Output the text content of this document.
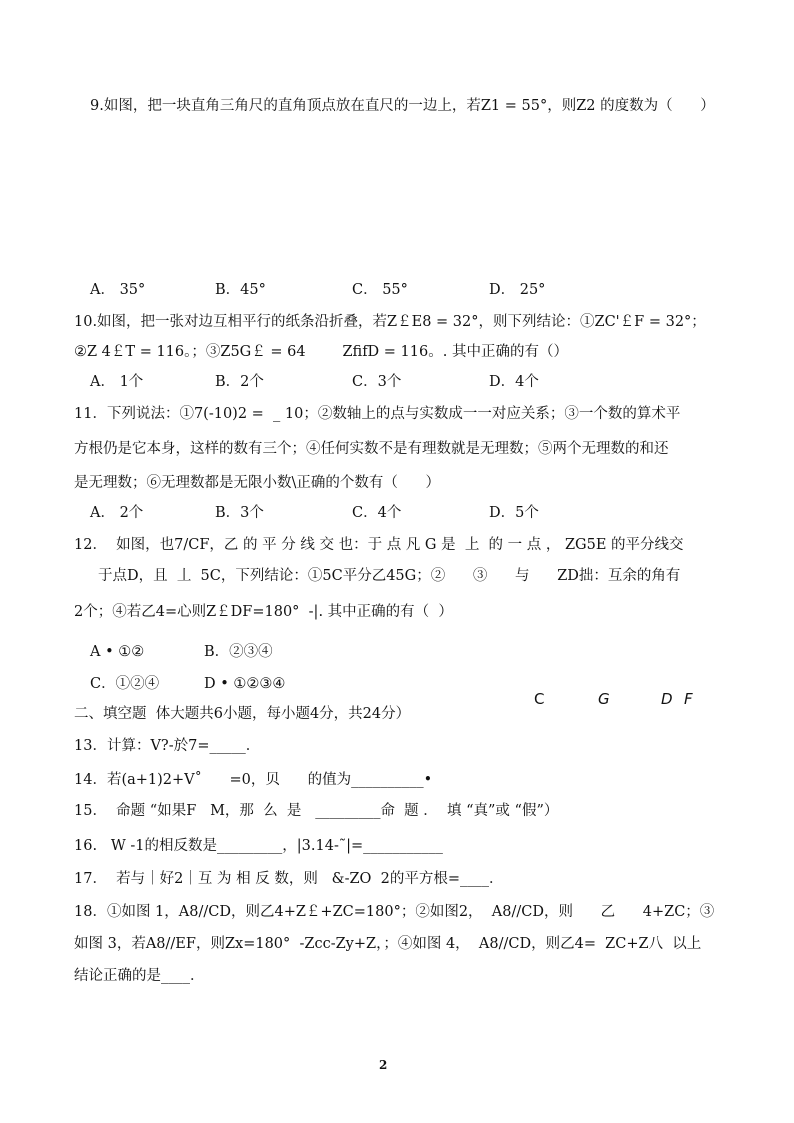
9.如图，把一块直角三角尺的直角顶点放在直尺的一边上，若Z1 = 55°，则Z2 的度数为（      ）
A． 35°	B．45°	C． 55°	D． 25°
10.如图，把一张对边互相平行的纸条沿折叠，若Z￡E8 = 32°，则下列结论：①ZC'￡F = 32°；
②Z 4￡T = 116。；③Z5G￡ = 64        ZfifD = 116。. 其中正确的有（）
A． 1个	B．2个	C．3个	D．4个
11．下列说法：①7(-10)2 =  _ 10；②数轴上的点与实数成一一对应关系；③一个数的算术平
方根仍是它本身，这样的数有三个；④任何实数不是有理数就是无理数；⑤两个无理数的和还
是无理数；⑥无理数都是无限小数\正确的个数有（      ）
A． 2个	B．3个	C．4个	D．5个
12．  如图，也7/CF，乙 的 平 分 线 交 也：于 点 凡 G 是  上  的 一 点 ， ZG5E 的平分线交
于点D，且  丄  5C，下列结论：①5C平分乙45G；②      ③      与      ZD拙：互余的角有
2个；④若乙4=心则Z￡DF=180°  -|. 其中正确的有（  ）
A • ①②	B．②③④
C．①②④	D • ①②③④
C	G	D F
二、填空题  体大题共6小题，每小题4分，共24分）
13．计算：V?-於7=_____．
14．若(a+1)2+V˚      =0，贝      的值为__________•
15．  命题 “如果F   M，那  么  是   _________命  题 ．  填 “真”或 “假”）
16.   W -1的相反数是_________，|3.14-˜|=___________
17．  若与｜好2｜互 为 相 反 数，则   &-ZO  2的平方根=____．
18．①如图 1，A8//CD，则乙4+Z￡+ZC=180°；②如图2，  A8//CD，则      乙      4+ZC；③
如图 3，若A8//EF，则Zx=180°  -Zcc-Zy+Z，；④如图 4，  A8//CD，则乙4=  ZC+Z八  以上
结论正确的是____．
2
